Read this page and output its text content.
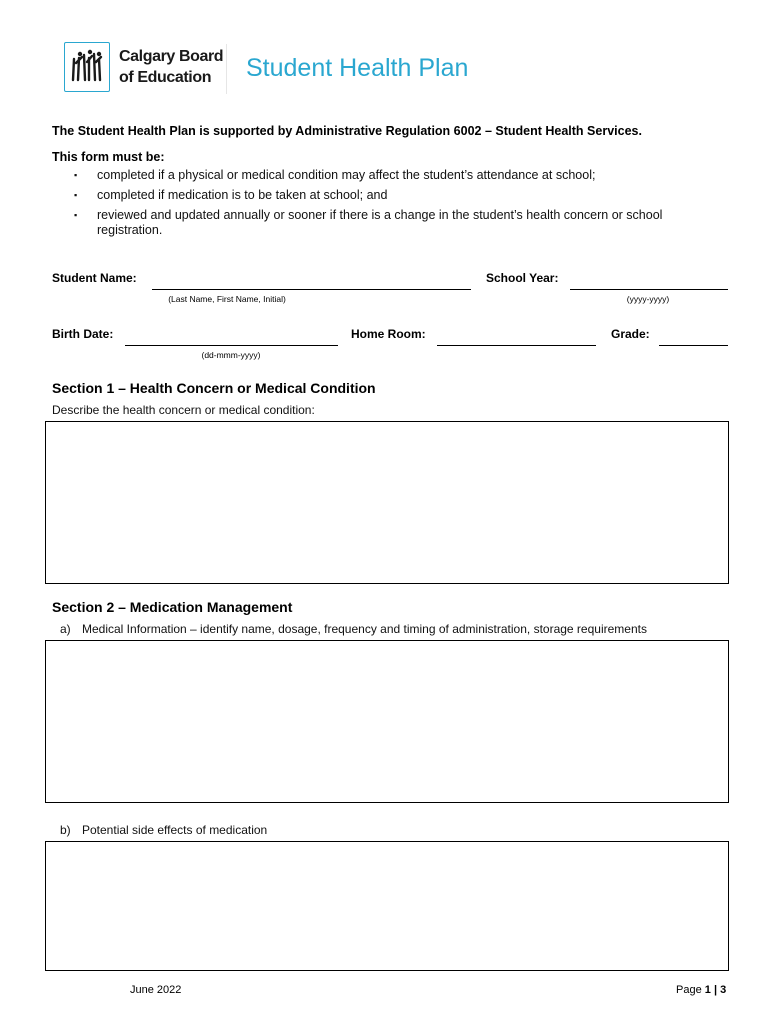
Calgary Board
of Education	Student Health Plan
The Student Health Plan is supported by Administrative Regulation 6002 – Student Health Services.
This form must be:
▪ completed if a physical or medical condition may affect the student’s attendance at school;
▪ completed if medication is to be taken at school; and
▪ reviewed and updated annually or sooner if there is a change in the student’s health concern or school registration.
Student Name:
(Last Name, First Name, Initial)
School Year:
(yyyy-yyyy)
Birth Date:
(dd-mmm-yyyy)
Home Room:	Grade:
Section 1 – Health Concern or Medical Condition
Describe the health concern or medical condition:
Section 2 – Medication Management
a) Medical Information – identify name, dosage, frequency and timing of administration, storage requirements
b) Potential side effects of medication
June 2022	Page 1 | 3
